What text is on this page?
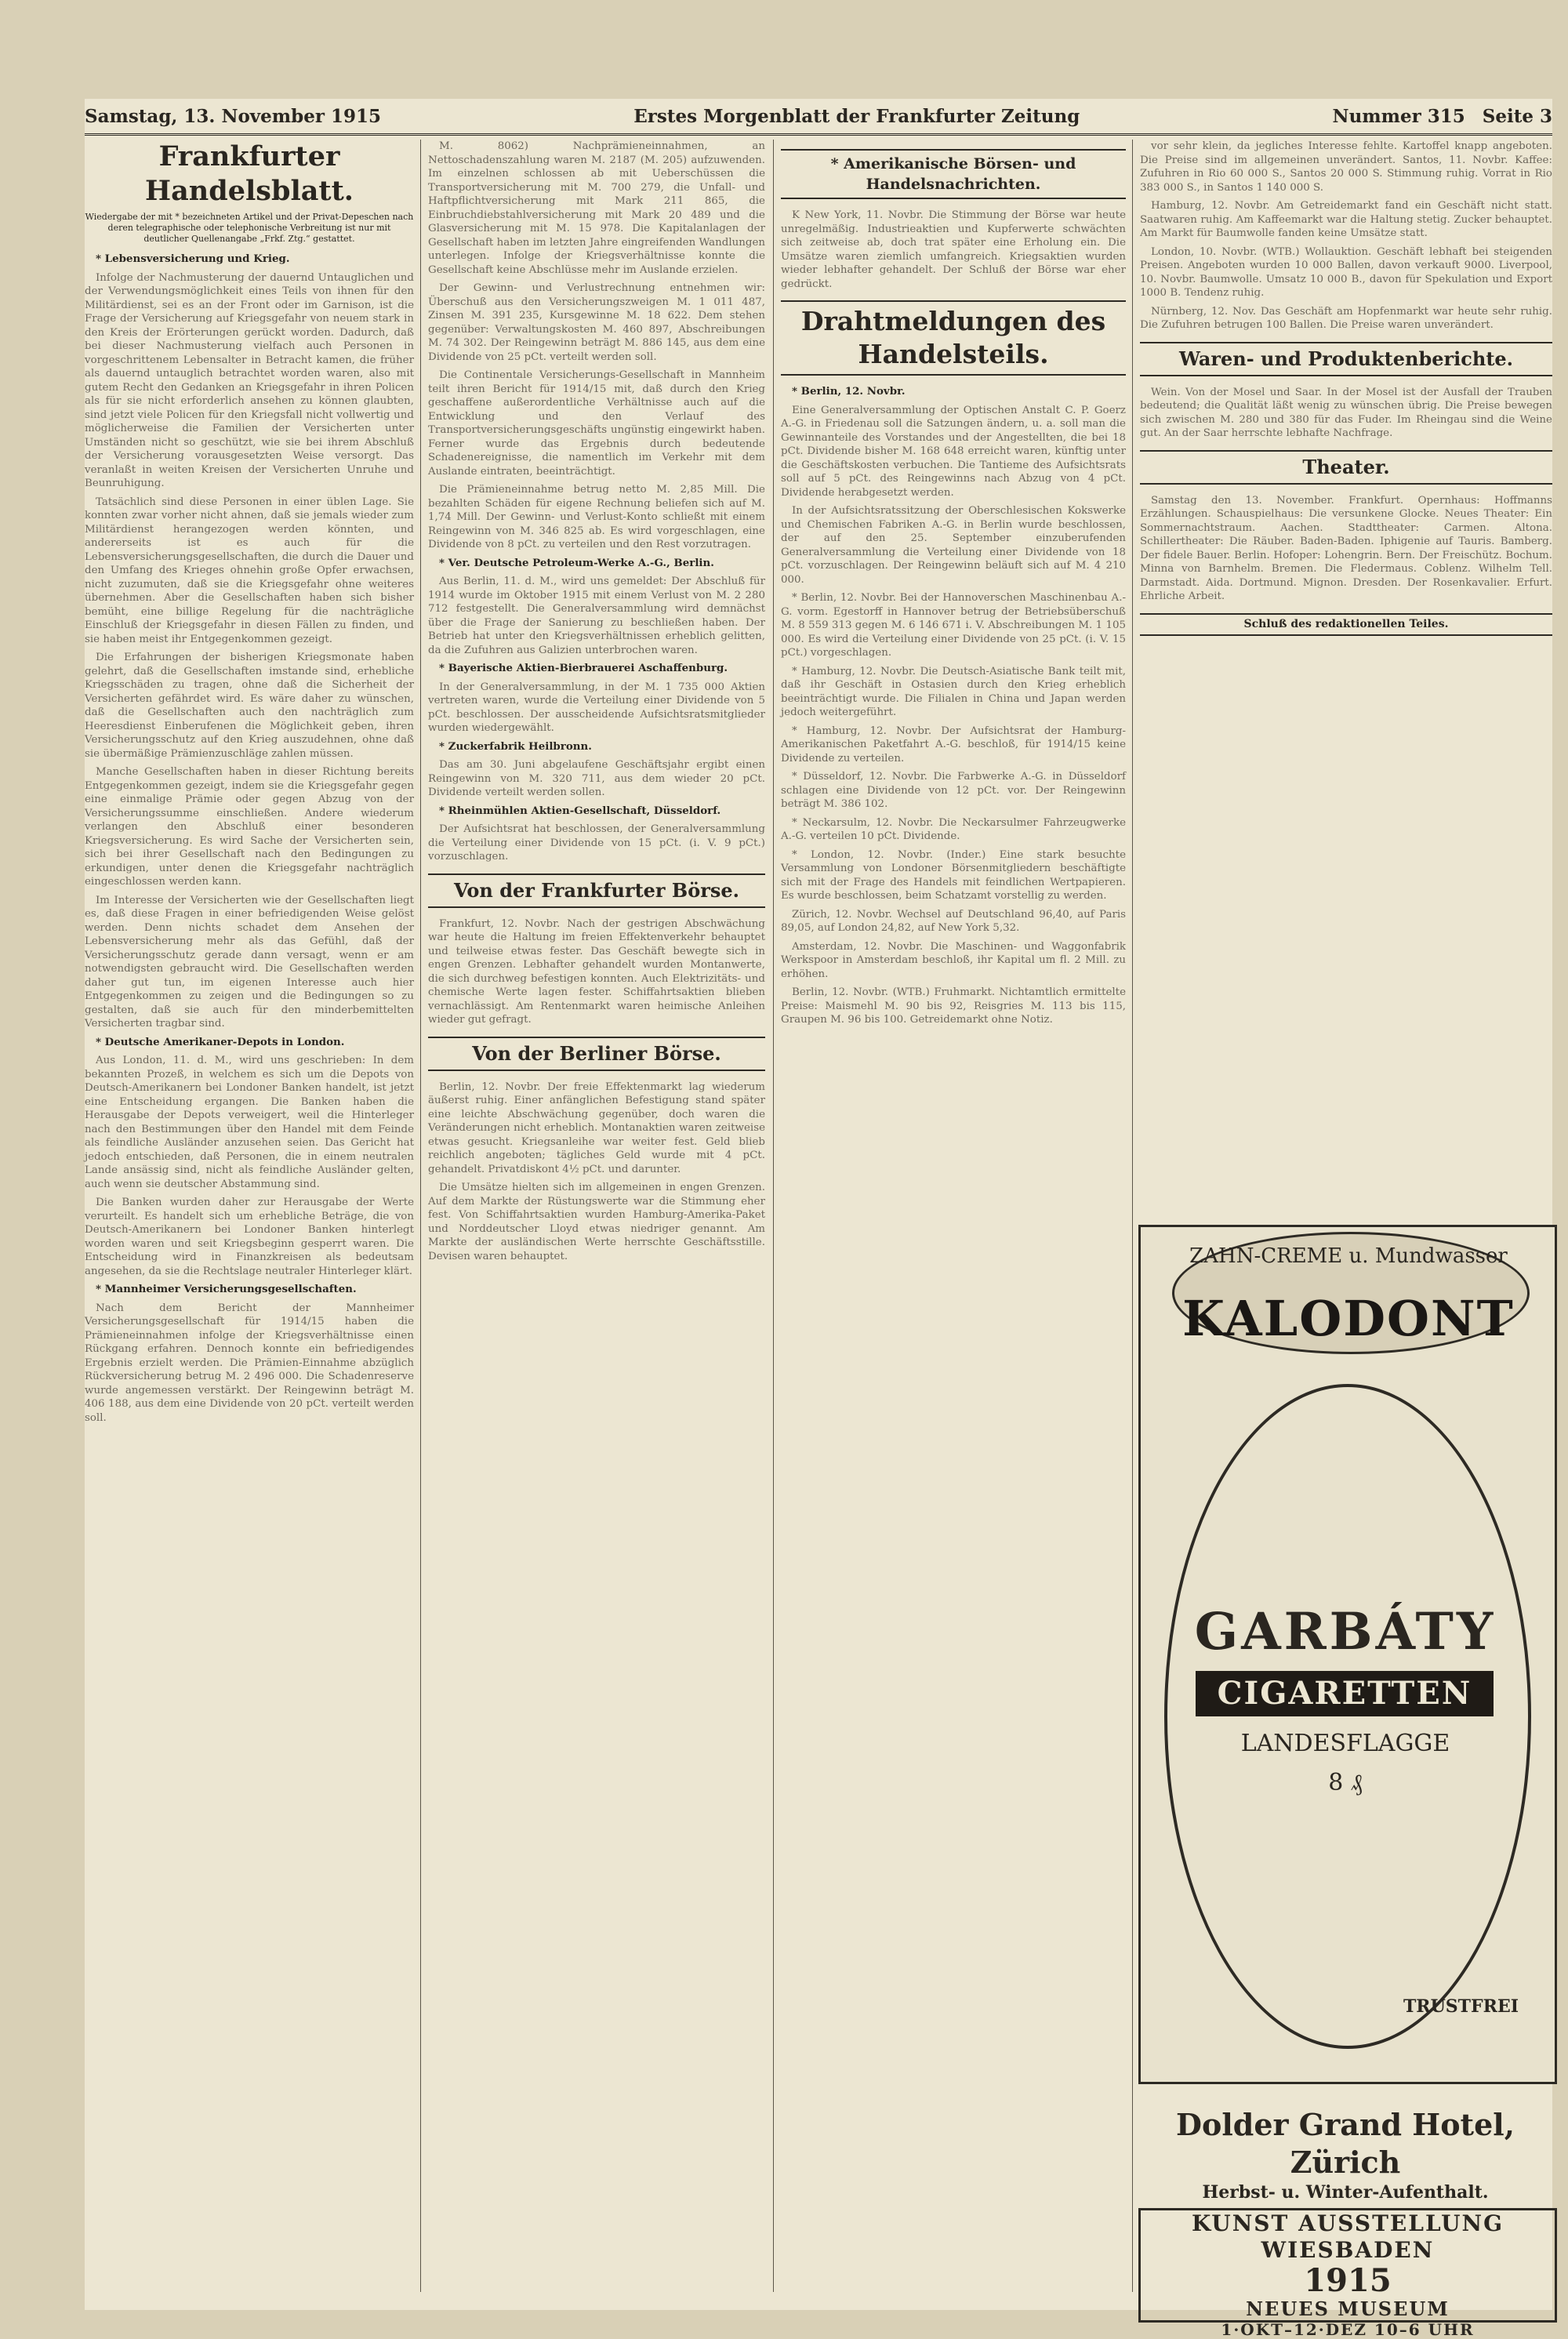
Samstag, 13. November 1915	Erstes Morgenblatt der Frankfurter Zeitung	Nummer 315 Seite 3
Frankfurter Handelsblatt.
Wiedergabe der mit * bezeichneten Artikel und der Privat-Depeschen nach deren telegraphische oder telephonische Verbreitung ist nur mit deutlicher Quellenangabe „Frkf. Ztg.“ gestattet.

* Lebensversicherung und Krieg.

Infolge der Nachmusterung der dauernd Untauglichen und der Verwendungsmöglichkeit eines Teils von ihnen für den Militärdienst, sei es an der Front oder im Garnison, ist die Frage der Versicherung auf Kriegsgefahr von neuem stark in den Kreis der Erörterungen gerückt worden. Dadurch, daß bei dieser Nachmusterung vielfach auch Personen in vorgeschrittenem Lebensalter in Betracht kamen, die früher als dauernd untauglich betrachtet worden waren, also mit gutem Recht den Gedanken an Kriegsgefahr in ihren Policen als für sie nicht erforderlich ansehen zu können glaubten, sind jetzt viele Policen für den Kriegsfall nicht vollwertig und möglicherweise die Familien der Versicherten unter Umständen nicht so geschützt, wie sie bei ihrem Abschluß der Versicherung vorausgesetzten Weise versorgt. Das veranlaßt in weiten Kreisen der Versicherten Unruhe und Beunruhigung.

Tatsächlich sind diese Personen in einer üblen Lage. Sie konnten zwar vorher nicht ahnen, daß sie jemals wieder zum Militärdienst herangezogen werden könnten, und andererseits ist es auch für die Lebensversicherungsgesellschaften, die durch die Dauer und den Umfang des Krieges ohnehin große Opfer erwachsen, nicht zuzumuten, daß sie die Kriegsgefahr ohne weiteres übernehmen. Aber die Gesellschaften haben sich bisher bemüht, eine billige Regelung für die nachträgliche Einschluß der Kriegsgefahr in diesen Fällen zu finden, und sie haben meist ihr Entgegenkommen gezeigt.

Die Erfahrungen der bisherigen Kriegsmonate haben gelehrt, daß die Gesellschaften imstande sind, erhebliche Kriegsschäden zu tragen, ohne daß die Sicherheit der Versicherten gefährdet wird. Es wäre daher zu wünschen, daß die Gesellschaften auch den nachträglich zum Heeresdienst Einberufenen die Möglichkeit geben, ihren Versicherungsschutz auf den Krieg auszudehnen, ohne daß sie übermäßige Prämienzuschläge zahlen müssen.

Manche Gesellschaften haben in dieser Richtung bereits Entgegenkommen gezeigt, indem sie die Kriegsgefahr gegen eine einmalige Prämie oder gegen Abzug von der Versicherungssumme einschließen. Andere wiederum verlangen den Abschluß einer besonderen Kriegsversicherung. Es wird Sache der Versicherten sein, sich bei ihrer Gesellschaft nach den Bedingungen zu erkundigen, unter denen die Kriegsgefahr nachträglich eingeschlossen werden kann.

Im Interesse der Versicherten wie der Gesellschaften liegt es, daß diese Fragen in einer befriedigenden Weise gelöst werden. Denn nichts schadet dem Ansehen der Lebensversicherung mehr als das Gefühl, daß der Versicherungsschutz gerade dann versagt, wenn er am notwendigsten gebraucht wird. Die Gesellschaften werden daher gut tun, im eigenen Interesse auch hier Entgegenkommen zu zeigen und die Bedingungen so zu gestalten, daß sie auch für den minderbemittelten Versicherten tragbar sind.

* Deutsche Amerikaner-Depots in London.

Aus London, 11. d. M., wird uns geschrieben: In dem bekannten Prozeß, in welchem es sich um die Depots von Deutsch-Amerikanern bei Londoner Banken handelt, ist jetzt eine Entscheidung ergangen. Die Banken haben die Herausgabe der Depots verweigert, weil die Hinterleger nach den Bestimmungen über den Handel mit dem Feinde als feindliche Ausländer anzusehen seien. Das Gericht hat jedoch entschieden, daß Personen, die in einem neutralen Lande ansässig sind, nicht als feindliche Ausländer gelten, auch wenn sie deutscher Abstammung sind.

Die Banken wurden daher zur Herausgabe der Werte verurteilt. Es handelt sich um erhebliche Beträge, die von Deutsch-Amerikanern bei Londoner Banken hinterlegt worden waren und seit Kriegsbeginn gesperrt waren. Die Entscheidung wird in Finanzkreisen als bedeutsam angesehen, da sie die Rechtslage neutraler Hinterleger klärt.

* Mannheimer Versicherungsgesellschaften.

Nach dem Bericht der Mannheimer Versicherungsgesellschaft für 1914/15 haben die Prämieneinnahmen infolge der Kriegsverhältnisse einen Rückgang erfahren. Dennoch konnte ein befriedigendes Ergebnis erzielt werden. Die Prämien-Einnahme abzüglich Rückversicherung betrug M. 2 496 000. Die Schadenreserve wurde angemessen verstärkt. Der Reingewinn beträgt M. 406 188, aus dem eine Dividende von 20 pCt. verteilt werden soll.

M. 8062) Nachprämieneinnahmen, an Nettoschadenszahlung waren M. 2187 (M. 205) aufzuwenden. Im einzelnen schlossen ab mit Ueberschüssen die Transportversicherung mit M. 700 279, die Unfall- und Haftpflichtversicherung mit Mark 211 865, die Einbruchdiebstahlversicherung mit Mark 20 489 und die Glasversicherung mit M. 15 978. Die Kapitalanlagen der Gesellschaft haben im letzten Jahre eingreifenden Wandlungen unterlegen. Infolge der Kriegsverhältnisse konnte die Gesellschaft keine Abschlüsse mehr im Auslande erzielen.

Der Gewinn- und Verlustrechnung entnehmen wir: Überschuß aus den Versicherungszweigen M. 1 011 487, Zinsen M. 391 235, Kursgewinne M. 18 622. Dem stehen gegenüber: Verwaltungskosten M. 460 897, Abschreibungen M. 74 302. Der Reingewinn beträgt M. 886 145, aus dem eine Dividende von 25 pCt. verteilt werden soll.

Die Continentale Versicherungs-Gesellschaft in Mannheim teilt ihren Bericht für 1914/15 mit, daß durch den Krieg geschaffene außerordentliche Verhältnisse auch auf die Entwicklung und den Verlauf des Transportversicherungsgeschäfts ungünstig eingewirkt haben. Ferner wurde das Ergebnis durch bedeutende Schadenereignisse, die namentlich im Verkehr mit dem Auslande eintraten, beeinträchtigt.

Die Prämieneinnahme betrug netto M. 2,85 Mill. Die bezahlten Schäden für eigene Rechnung beliefen sich auf M. 1,74 Mill. Der Gewinn- und Verlust-Konto schließt mit einem Reingewinn von M. 346 825 ab. Es wird vorgeschlagen, eine Dividende von 8 pCt. zu verteilen und den Rest vorzutragen.

* Ver. Deutsche Petroleum-Werke A.-G., Berlin.

Aus Berlin, 11. d. M., wird uns gemeldet: Der Abschluß für 1914 wurde im Oktober 1915 mit einem Verlust von M. 2 280 712 festgestellt. Die Generalversammlung wird demnächst über die Frage der Sanierung zu beschließen haben. Der Betrieb hat unter den Kriegsverhältnissen erheblich gelitten, da die Zufuhren aus Galizien unterbrochen waren.

* Bayerische Aktien-Bierbrauerei Aschaffenburg.

In der Generalversammlung, in der M. 1 735 000 Aktien vertreten waren, wurde die Verteilung einer Dividende von 5 pCt. beschlossen. Der ausscheidende Aufsichtsratsmitglieder wurden wiedergewählt.

* Zuckerfabrik Heilbronn.

Das am 30. Juni abgelaufene Geschäftsjahr ergibt einen Reingewinn von M. 320 711, aus dem wieder 20 pCt. Dividende verteilt werden sollen.

* Rheinmühlen Aktien-Gesellschaft, Düsseldorf.

Der Aufsichtsrat hat beschlossen, der Generalversammlung die Verteilung einer Dividende von 15 pCt. (i. V. 9 pCt.) vorzuschlagen.

Von der Frankfurter Börse.

Frankfurt, 12. Novbr. Nach der gestrigen Abschwächung war heute die Haltung im freien Effektenverkehr behauptet und teilweise etwas fester. Das Geschäft bewegte sich in engen Grenzen. Lebhafter gehandelt wurden Montanwerte, die sich durchweg befestigen konnten. Auch Elektrizitäts- und chemische Werte lagen fester. Schiffahrtsaktien blieben vernachlässigt. Am Rentenmarkt waren heimische Anleihen wieder gut gefragt.

Von der Berliner Börse.

Berlin, 12. Novbr. Der freie Effektenmarkt lag wiederum äußerst ruhig. Einer anfänglichen Befestigung stand später eine leichte Abschwächung gegenüber, doch waren die Veränderungen nicht erheblich. Montanaktien waren zeitweise etwas gesucht. Kriegsanleihe war weiter fest. Geld blieb reichlich angeboten; tägliches Geld wurde mit 4 pCt. gehandelt. Privatdiskont 4½ pCt. und darunter.

Die Umsätze hielten sich im allgemeinen in engen Grenzen. Auf dem Markte der Rüstungswerte war die Stimmung eher fest. Von Schiffahrtsaktien wurden Hamburg-Amerika-Paket und Norddeutscher Lloyd etwas niedriger genannt. Am Markte der ausländischen Werte herrschte Geschäftsstille. Devisen waren behauptet.

* Amerikanische Börsen- und Handelsnachrichten.

K New York, 11. Novbr. Die Stimmung der Börse war heute unregelmäßig. Industrieaktien und Kupferwerte schwächten sich zeitweise ab, doch trat später eine Erholung ein. Die Umsätze waren ziemlich umfangreich. Kriegsaktien wurden wieder lebhafter gehandelt. Der Schluß der Börse war eher gedrückt.

Drahtmeldungen des Handelsteils.

* Berlin, 12. Novbr.

Eine Generalversammlung der Optischen Anstalt C. P. Goerz A.-G. in Friedenau soll die Satzungen ändern, u. a. soll man die Gewinnanteile des Vorstandes und der Angestellten, die bei 18 pCt. Dividende bisher M. 168 648 erreicht waren, künftig unter die Geschäftskosten verbuchen. Die Tantieme des Aufsichtsrats soll auf 5 pCt. des Reingewinns nach Abzug von 4 pCt. Dividende herabgesetzt werden.

In der Aufsichtsratssitzung der Oberschlesischen Kokswerke und Chemischen Fabriken A.-G. in Berlin wurde beschlossen, der auf den 25. September einzuberufenden Generalversammlung die Verteilung einer Dividende von 18 pCt. vorzuschlagen. Der Reingewinn beläuft sich auf M. 4 210 000.

* Berlin, 12. Novbr. Bei der Hannoverschen Maschinenbau A.-G. vorm. Egestorff in Hannover betrug der Betriebsüberschuß M. 8 559 313 gegen M. 6 146 671 i. V. Abschreibungen M. 1 105 000. Es wird die Verteilung einer Dividende von 25 pCt. (i. V. 15 pCt.) vorgeschlagen.

* Hamburg, 12. Novbr. Die Deutsch-Asiatische Bank teilt mit, daß ihr Geschäft in Ostasien durch den Krieg erheblich beeinträchtigt wurde. Die Filialen in China und Japan werden jedoch weitergeführt.

* Hamburg, 12. Novbr. Der Aufsichtsrat der Hamburg-Amerikanischen Paketfahrt A.-G. beschloß, für 1914/15 keine Dividende zu verteilen.

* Düsseldorf, 12. Novbr. Die Farbwerke A.-G. in Düsseldorf schlagen eine Dividende von 12 pCt. vor. Der Reingewinn beträgt M. 386 102.

* Neckarsulm, 12. Novbr. Die Neckarsulmer Fahrzeugwerke A.-G. verteilen 10 pCt. Dividende.

* London, 12. Novbr. (Inder.) Eine stark besuchte Versammlung von Londoner Börsenmitgliedern beschäftigte sich mit der Frage des Handels mit feindlichen Wertpapieren. Es wurde beschlossen, beim Schatzamt vorstellig zu werden.

Zürich, 12. Novbr. Wechsel auf Deutschland 96,40, auf Paris 89,05, auf London 24,82, auf New York 5,32.

Amsterdam, 12. Novbr. Die Maschinen- und Waggonfabrik Werkspoor in Amsterdam beschloß, ihr Kapital um fl. 2 Mill. zu erhöhen.

Berlin, 12. Novbr. (WTB.) Fruhmarkt. Nichtamtlich ermittelte Preise: Maismehl M. 90 bis 92, Reisgries M. 113 bis 115, Graupen M. 96 bis 100. Getreidemarkt ohne Notiz.

vor sehr klein, da jegliches Interesse fehlte. Kartoffel knapp angeboten. Die Preise sind im allgemeinen unverändert. Santos, 11. Novbr. Kaffee: Zufuhren in Rio 60 000 S., Santos 20 000 S. Stimmung ruhig. Vorrat in Rio 383 000 S., in Santos 1 140 000 S.

Hamburg, 12. Novbr. Am Getreidemarkt fand ein Geschäft nicht statt. Saatwaren ruhig. Am Kaffeemarkt war die Haltung stetig. Zucker behauptet. Am Markt für Baumwolle fanden keine Umsätze statt.

London, 10. Novbr. (WTB.) Wollauktion. Geschäft lebhaft bei steigenden Preisen. Angeboten wurden 10 000 Ballen, davon verkauft 9000. Liverpool, 10. Novbr. Baumwolle. Umsatz 10 000 B., davon für Spekulation und Export 1000 B. Tendenz ruhig.

Nürnberg, 12. Nov. Das Geschäft am Hopfenmarkt war heute sehr ruhig. Die Zufuhren betrugen 100 Ballen. Die Preise waren unverändert.

Waren- und Produktenberichte.

Wein. Von der Mosel und Saar. In der Mosel ist der Ausfall der Trauben bedeutend; die Qualität läßt wenig zu wünschen übrig. Die Preise bewegen sich zwischen M. 280 und 380 für das Fuder. Im Rheingau sind die Weine gut. An der Saar herrschte lebhafte Nachfrage.

Theater.

Samstag den 13. November. Frankfurt. Opernhaus: Hoffmanns Erzählungen. Schauspielhaus: Die versunkene Glocke. Neues Theater: Ein Sommernachtstraum. Aachen. Stadttheater: Carmen. Altona. Schillertheater: Die Räuber. Baden-Baden. Iphigenie auf Tauris. Bamberg. Der fidele Bauer. Berlin. Hofoper: Lohengrin. Bern. Der Freischütz. Bochum. Minna von Barnhelm. Bremen. Die Fledermaus. Coblenz. Wilhelm Tell. Darmstadt. Aida. Dortmund. Mignon. Dresden. Der Rosenkavalier. Erfurt. Ehrliche Arbeit.

Schluß des redaktionellen Teiles.
ZAHN-CREME u. Mundwasser
KALODONT
GARBÁTY
CIGARETTEN
LANDESFLAGGE
8 ₰
TRUSTFREI
Dolder Grand Hotel, Zürich
Herbst- u. Winter-Aufenthalt.
KUNST AUSSTELLUNG WIESBADEN
1915
NEUES MUSEUM
1·OKT–12·DEZ 10–6 UHR
